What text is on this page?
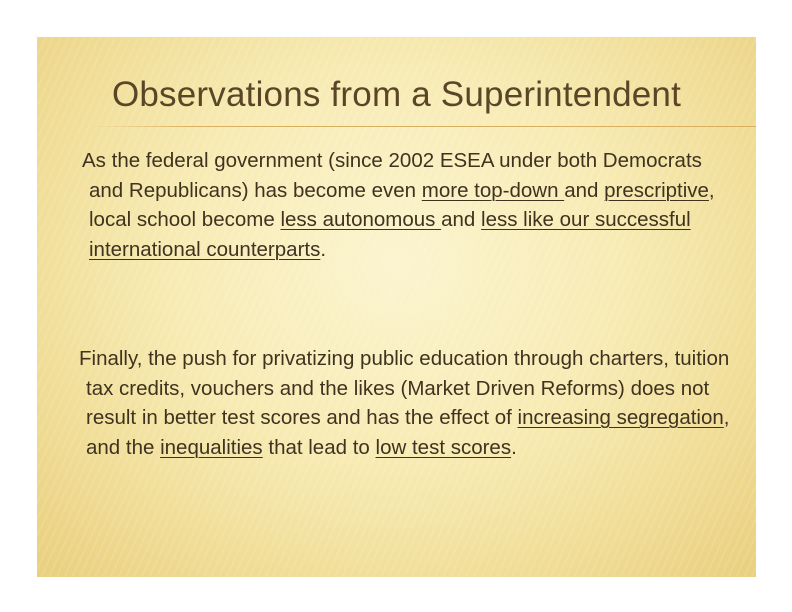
Observations from a Superintendent
As the federal government (since 2002 ESEA under both Democrats and Republicans) has become even more top-down and prescriptive, local school become less autonomous and less like our successful international counterparts.
Finally, the push for privatizing public education through charters, tuition tax credits, vouchers and the likes (Market Driven Reforms) does not result in better test scores and has the effect of increasing segregation, and the inequalities that lead to low test scores.
